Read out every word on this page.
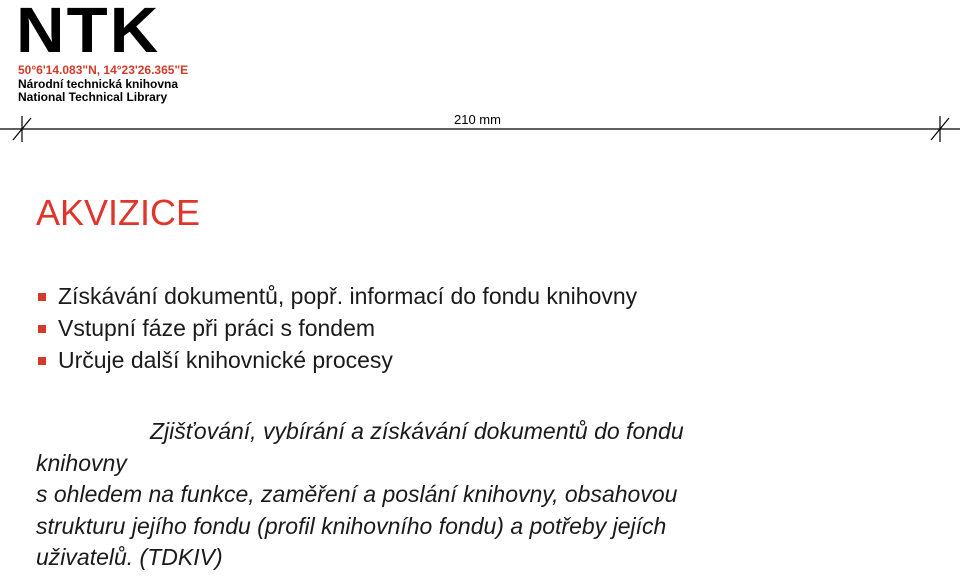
NTK
50°6'14.083"N, 14°23'26.365"E
Národní technická knihovna
National Technical Library
210 mm
AKVIZICE
Získávání dokumentů, popř. informací do fondu knihovny
Vstupní fáze při práci s fondem
Určuje další knihovnické procesy
Zjišťování, vybírání a získávání dokumentů do fondu
knihovny
s ohledem na funkce, zaměření a poslání knihovny, obsahovou
strukturu jejího fondu (profil knihovního fondu) a potřeby jejích
uživatelů. (TDKIV)
